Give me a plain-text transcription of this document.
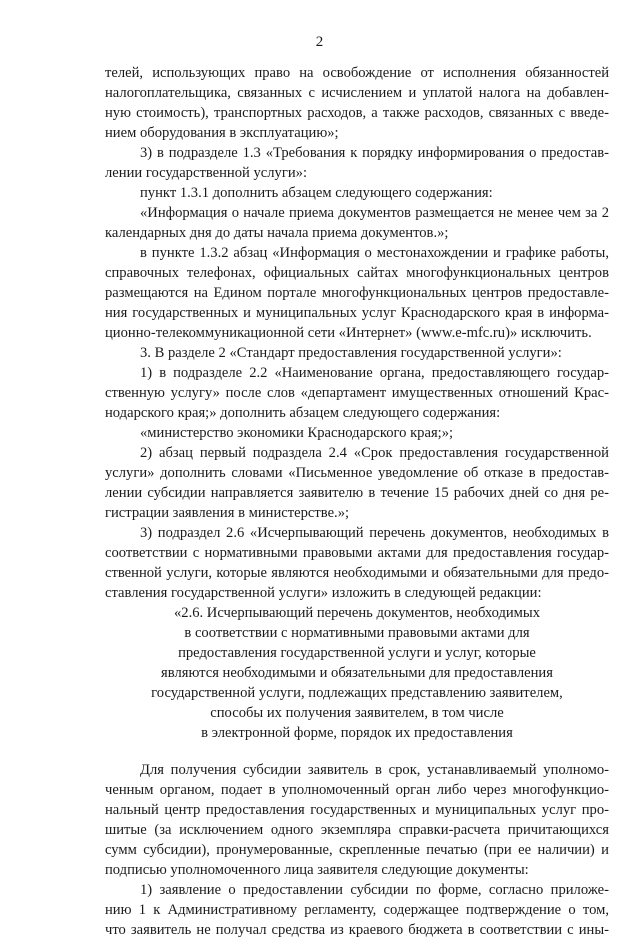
2
телей, использующих право на освобождение от исполнения обязанностей
налогоплательщика, связанных с исчислением и уплатой налога на добавлен-
ную стоимость), транспортных расходов, а также расходов, связанных с введе-
нием оборудования в эксплуатацию»;
3) в подразделе 1.3 «Требования к порядку информирования о предостав-
лении государственной услуги»:
пункт 1.3.1 дополнить абзацем следующего содержания:
«Информация о начале приема документов размещается не менее чем за 2
календарных дня до даты начала приема документов.»;
в пункте 1.3.2 абзац «Информация о местонахождении и графике работы,
справочных телефонах, официальных сайтах многофункциональных центров
размещаются на Едином портале многофункциональных центров предоставле-
ния государственных и муниципальных услуг Краснодарского края в информа-
ционно-телекоммуникационной сети «Интернет» (www.e-mfc.ru)» исключить.
3. В разделе 2 «Стандарт предоставления государственной услуги»:
1) в подразделе 2.2 «Наименование органа, предоставляющего государ-
ственную услугу» после слов «департамент имущественных отношений Крас-
нодарского края;» дополнить абзацем следующего содержания:
«министерство экономики Краснодарского края;»;
2) абзац первый подраздела 2.4 «Срок предоставления государственной
услуги» дополнить словами «Письменное уведомление об отказе в предостав-
лении субсидии направляется заявителю в течение 15 рабочих дней со дня ре-
гистрации заявления в министерстве.»;
3) подраздел 2.6 «Исчерпывающий перечень документов, необходимых в
соответствии с нормативными правовыми актами для предоставления государ-
ственной услуги, которые являются необходимыми и обязательными для предо-
ставления государственной услуги» изложить в следующей редакции:
«2.6. Исчерпывающий перечень документов, необходимых
в соответствии с нормативными правовыми актами для
предоставления государственной услуги и услуг, которые
являются необходимыми и обязательными для предоставления
государственной услуги, подлежащих представлению заявителем,
способы их получения заявителем, в том числе
в электронной форме, порядок их предоставления
Для получения субсидии заявитель в срок, устанавливаемый уполномо-
ченным органом, подает в уполномоченный орган либо через многофункцио-
нальный центр предоставления государственных и муниципальных услуг про-
шитые (за исключением одного экземпляра справки-расчета причитающихся
сумм субсидии), пронумерованные, скрепленные печатью (при ее наличии) и
подписью уполномоченного лица заявителя следующие документы:
1) заявление о предоставлении субсидии по форме, согласно приложе-
нию 1 к Административному регламенту, содержащее подтверждение о том,
что заявитель не получал средства из краевого бюджета в соответствии с ины-
